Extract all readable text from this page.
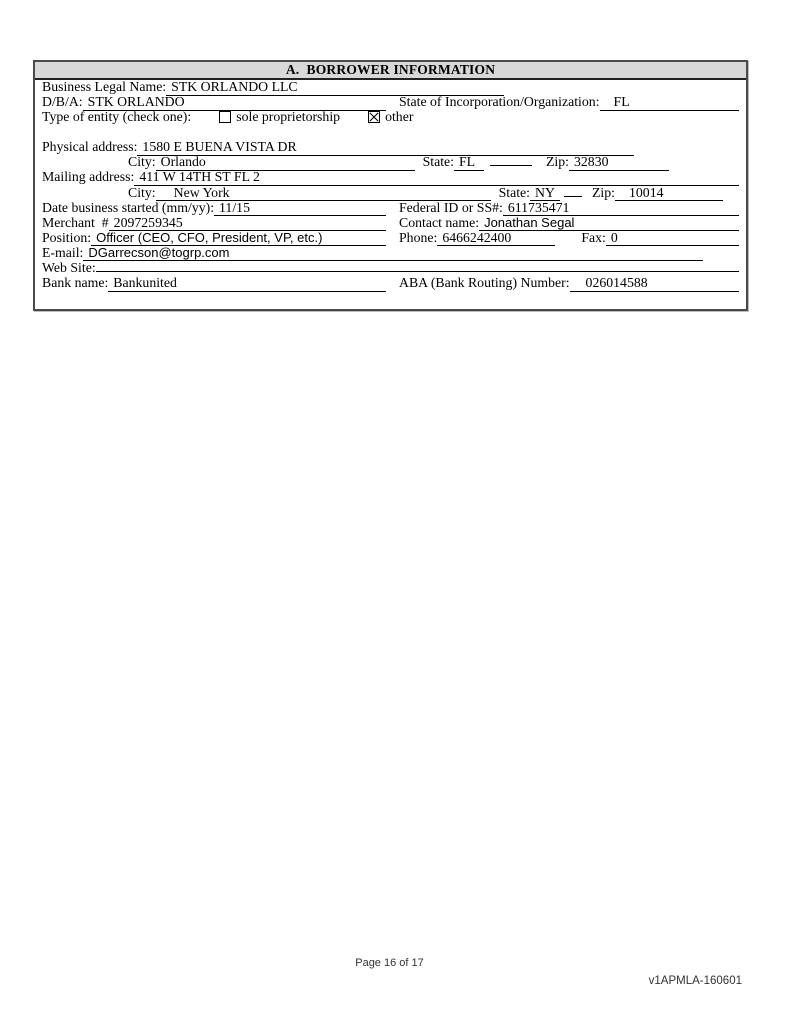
A.  BORROWER INFORMATION
Business Legal Name: STK ORLANDO LLC
D/B/A: STK ORLANDO	State of Incorporation/Organization:	FL
Type of entity (check one):	sole proprietorship	other
Physical address: 1580 E BUENA VISTA DR
City: Orlando	State: FL	Zip: 32830
Mailing address: 411 W 14TH ST FL 2
City:	New York	State: NY	Zip:	10014
Date business started (mm/yy): 11/15	Federal ID or SS#: 611735471
Merchant  # 2097259345	Contact name: Jonathan Segal
Position: Officer (CEO, CFO, President, VP, etc.)	Phone: 6466242400	Fax: 0
E-mail: DGarrecson@togrp.com
Web Site:
Bank name: Bankunited	ABA (Bank Routing) Number:	026014588
Page 16 of 17
v1APMLA-160601
